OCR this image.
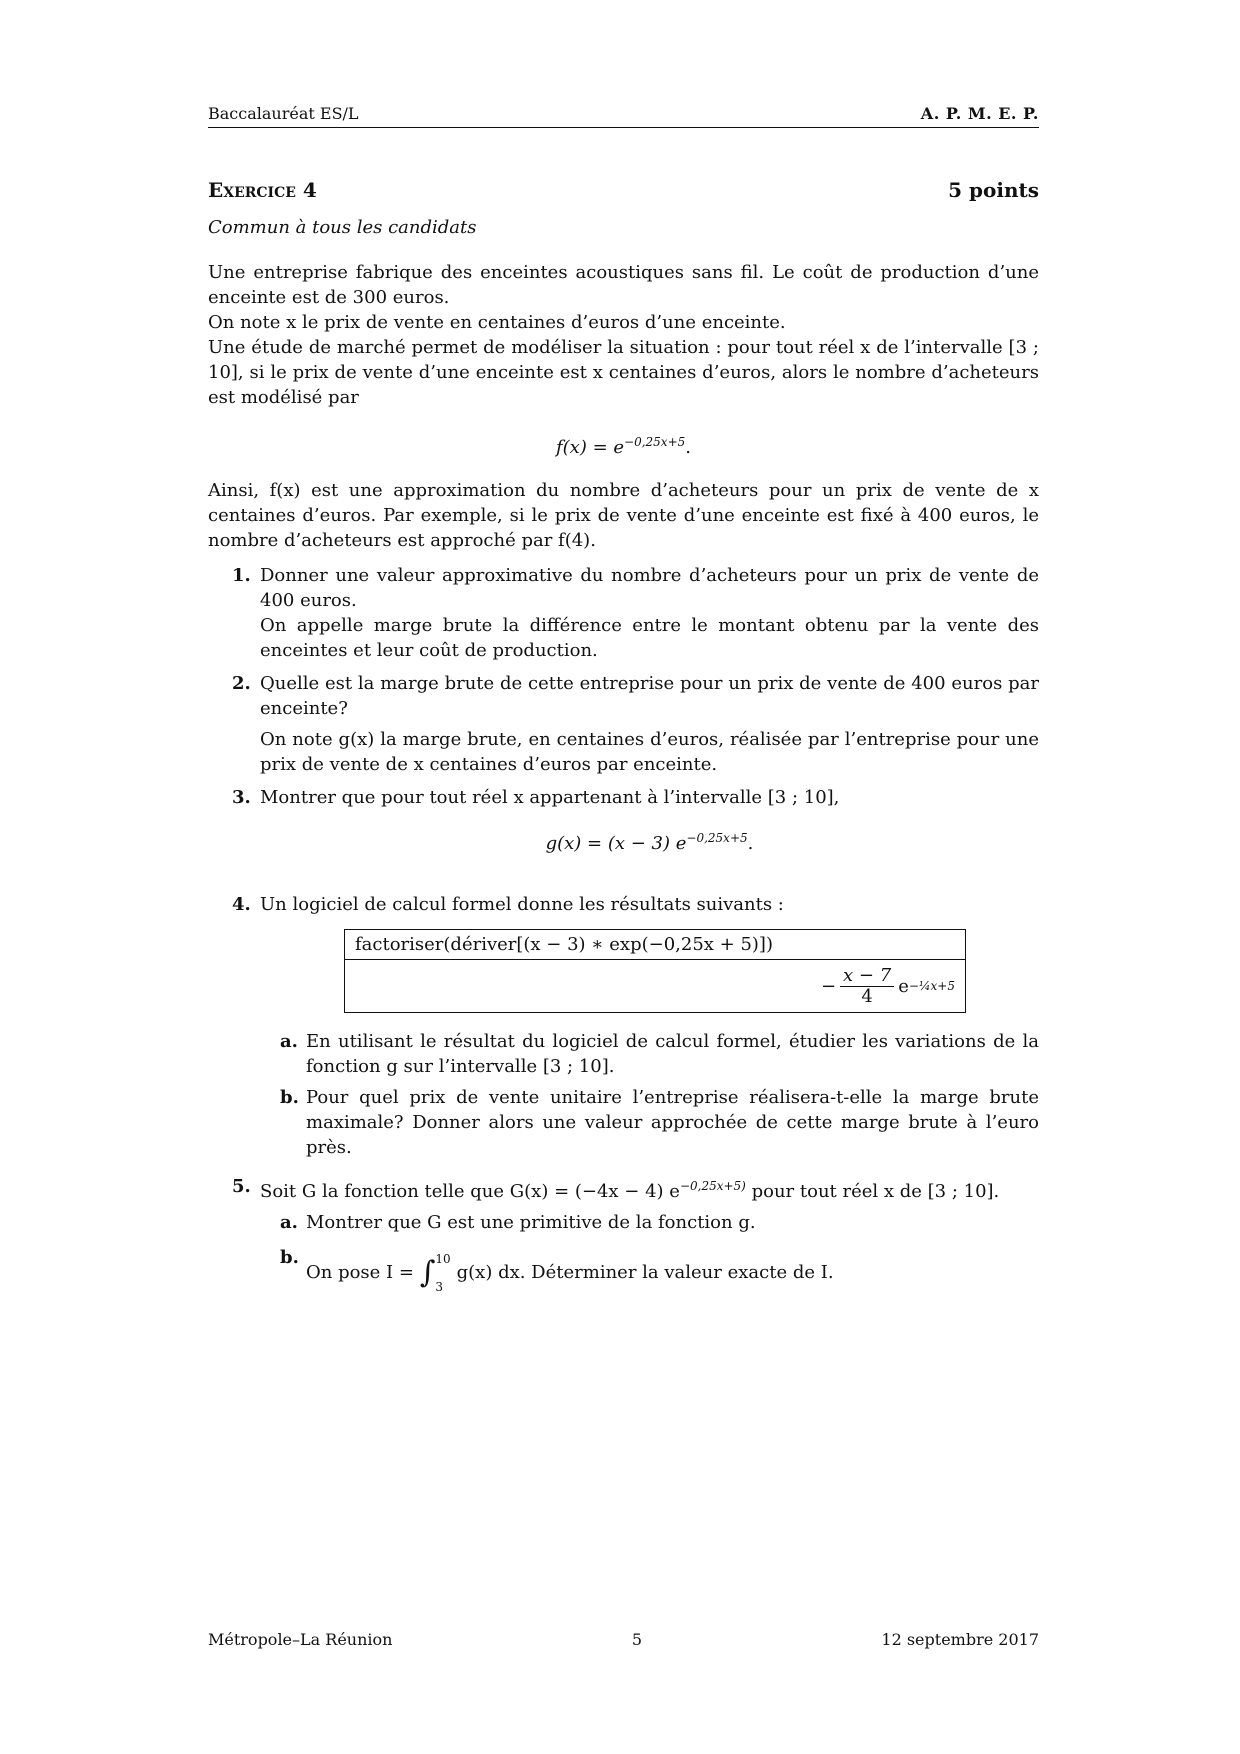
Baccalauréat ES/L	A. P. M. E. P.
Exercice 4	5 points
Commun à tous les candidats

Une entreprise fabrique des enceintes acoustiques sans fil. Le coût de production d’une enceinte est de 300 euros.

On note x le prix de vente en centaines d’euros d’une enceinte.

Une étude de marché permet de modéliser la situation : pour tout réel x de l’intervalle [3 ; 10], si le prix de vente d’une enceinte est x centaines d’euros, alors le nombre d’acheteurs est modélisé par

$f(x) = e^{-0,25x+5}$.

Ainsi, f(x) est une approximation du nombre d’acheteurs pour un prix de vente de x centaines d’euros. Par exemple, si le prix de vente d’une enceinte est fixé à 400 euros, le nombre d’acheteurs est approché par f(4).

1. Donner une valeur approximative du nombre d’acheteurs pour un prix de vente de 400 euros.

On appelle marge brute la différence entre le montant obtenu par la vente des enceintes et leur coût de production.

2. Quelle est la marge brute de cette entreprise pour un prix de vente de 400 euros par enceinte?

On note g(x) la marge brute, en centaines d’euros, réalisée par l’entreprise pour une prix de vente de x centaines d’euros par enceinte.

3. Montrer que pour tout réel x appartenant à l’intervalle [3 ; 10],

g(x) = (x − 3) $e^{-0,25x+5}$.
4. Un logiciel de calcul formel donne les résultats suivants :

factoriser(dériver[(x − 3) ∗ exp(−0,25x + 5)])
− $\frac{x - 7}{4}$ e −¼x+5
a. En utilisant le résultat du logiciel de calcul formel, étudier les variations de la fonction g sur l’intervalle [3 ; 10].
b. Pour quel prix de vente unitaire l’entreprise réalisera-t-elle la marge brute maximale? Donner alors une valeur approchée de cette marge brute à l’euro près.
5. Soit G la fonction telle que G(x) = (−4x − 4) $e^{-0,25x+5)}$ pour tout réel x de [3 ; 10].

a. Montrer que G est une primitive de la fonction g.
b.
On pose I = ∫ 10
3
g(x) dx. Déterminer la valeur exacte de I.
Métropole–La Réunion	5	12 septembre 2017
